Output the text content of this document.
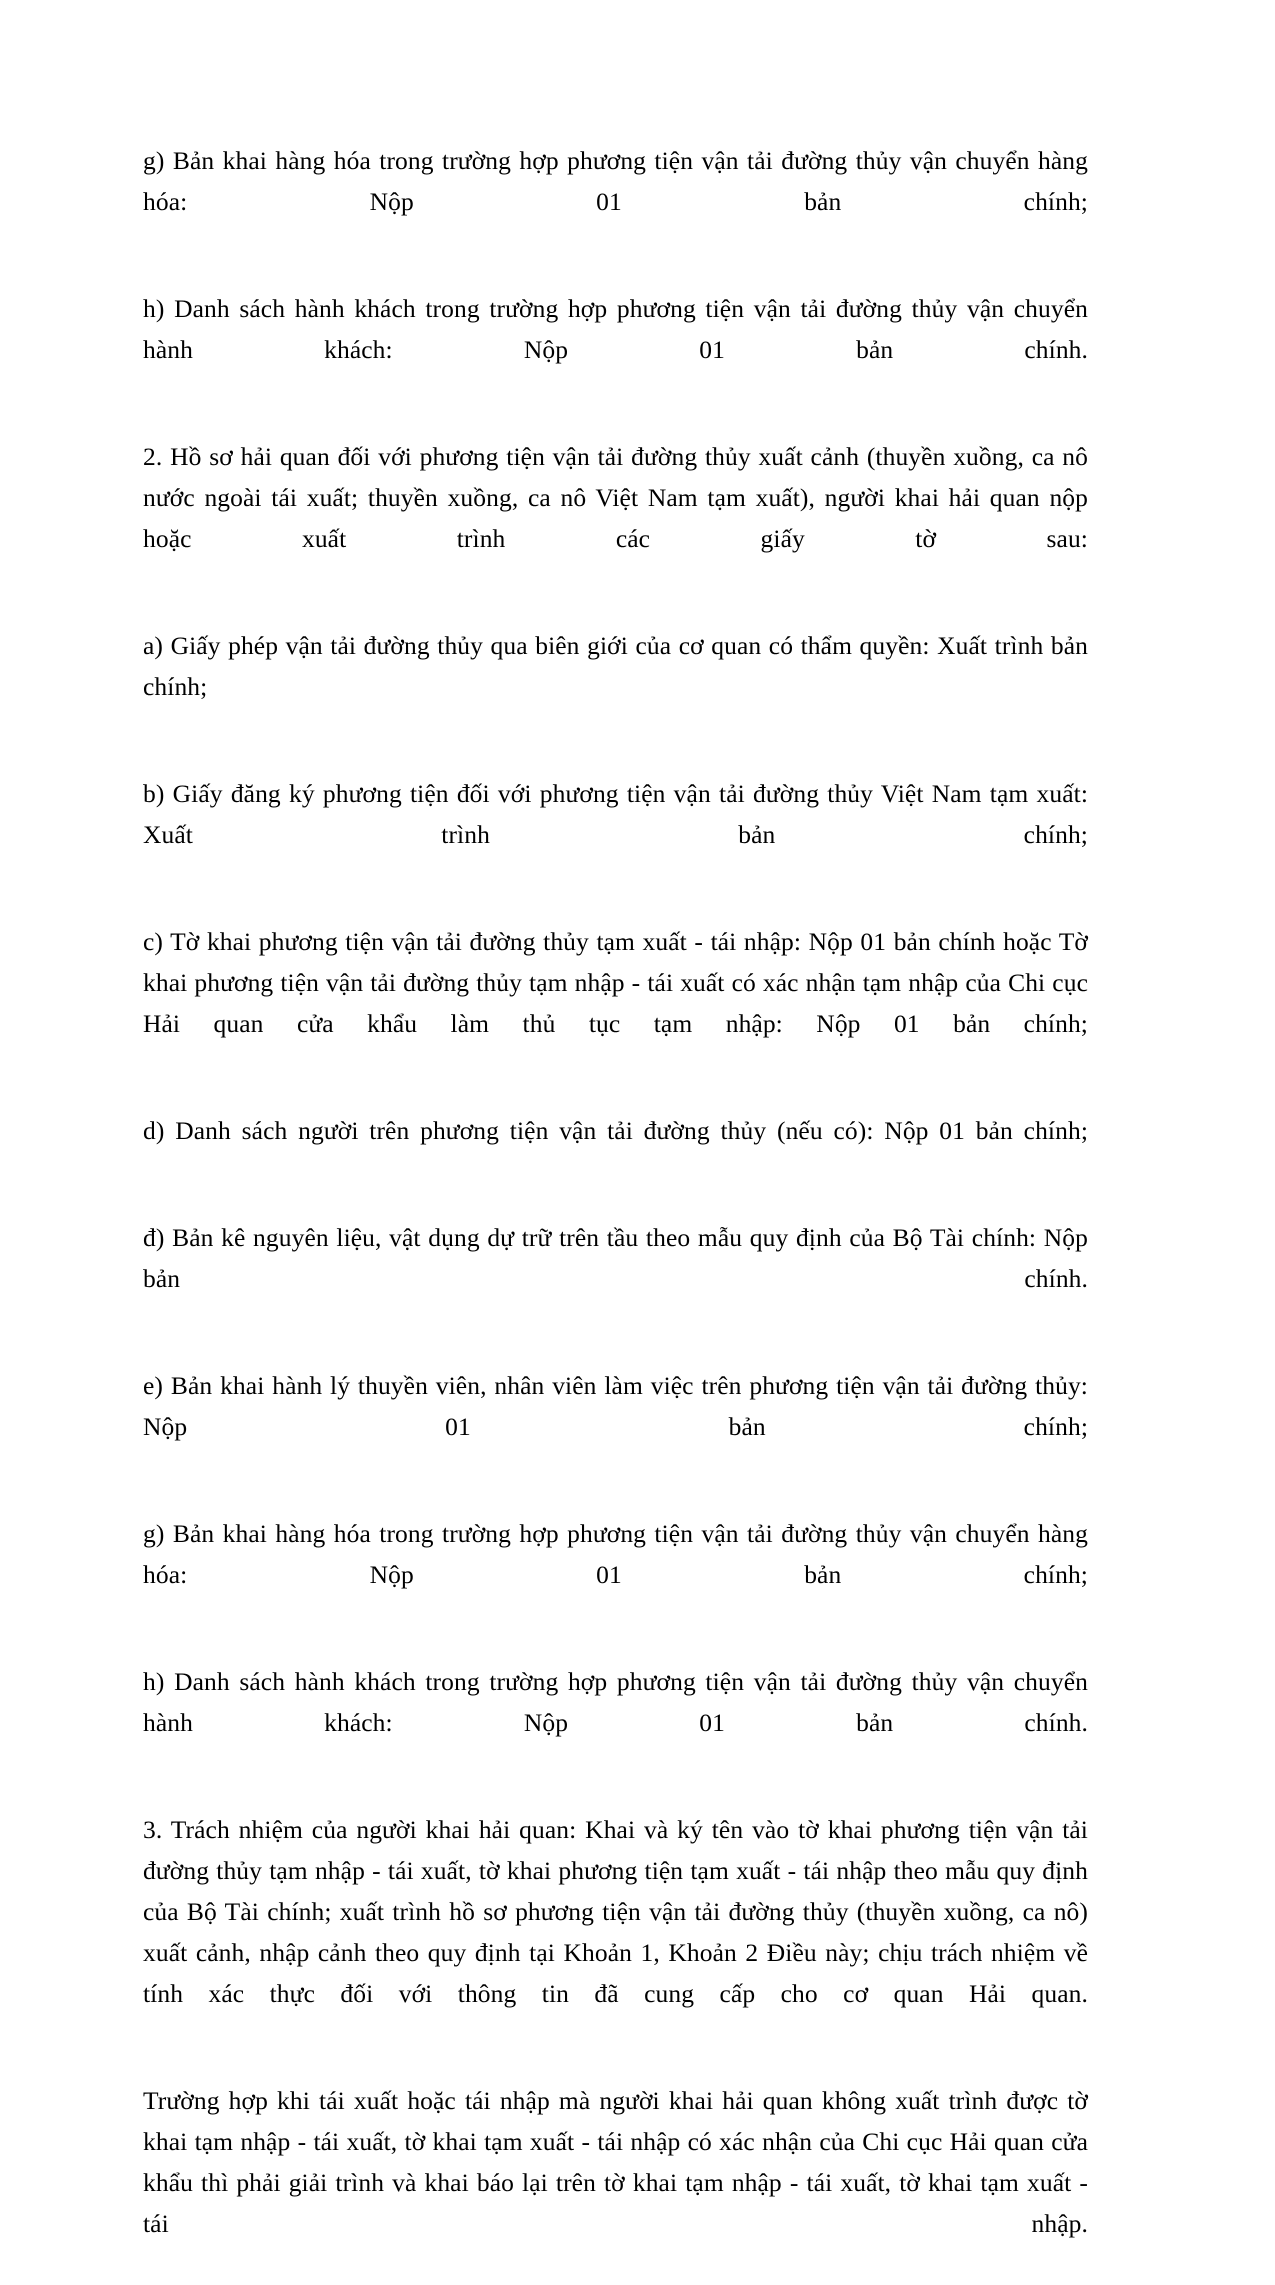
g) Bản khai hàng hóa trong trường hợp phương tiện vận tải đường thủy vận chuyển hàng hóa: Nộp 01 bản chính;

h) Danh sách hành khách trong trường hợp phương tiện vận tải đường thủy vận chuyển hành khách: Nộp 01 bản chính.

2. Hồ sơ hải quan đối với phương tiện vận tải đường thủy xuất cảnh (thuyền xuồng, ca nô nước ngoài tái xuất; thuyền xuồng, ca nô Việt Nam tạm xuất), người khai hải quan nộp hoặc xuất trình các giấy tờ sau:

a) Giấy phép vận tải đường thủy qua biên giới của cơ quan có thẩm quyền: Xuất trình bản chính;

b) Giấy đăng ký phương tiện đối với phương tiện vận tải đường thủy Việt Nam tạm xuất: Xuất trình bản chính;

c) Tờ khai phương tiện vận tải đường thủy tạm xuất - tái nhập: Nộp 01 bản chính hoặc Tờ khai phương tiện vận tải đường thủy tạm nhập - tái xuất có xác nhận tạm nhập của Chi cục Hải quan cửa khẩu làm thủ tục tạm nhập: Nộp 01 bản chính;

d) Danh sách người trên phương tiện vận tải đường thủy (nếu có): Nộp 01 bản chính;

đ) Bản kê nguyên liệu, vật dụng dự trữ trên tầu theo mẫu quy định của Bộ Tài chính: Nộp bản chính.

e) Bản khai hành lý thuyền viên, nhân viên làm việc trên phương tiện vận tải đường thủy: Nộp 01 bản chính;

g) Bản khai hàng hóa trong trường hợp phương tiện vận tải đường thủy vận chuyển hàng hóa: Nộp 01 bản chính;

h) Danh sách hành khách trong trường hợp phương tiện vận tải đường thủy vận chuyển hành khách: Nộp 01 bản chính.

3. Trách nhiệm của người khai hải quan: Khai và ký tên vào tờ khai phương tiện vận tải đường thủy tạm nhập - tái xuất, tờ khai phương tiện tạm xuất - tái nhập theo mẫu quy định của Bộ Tài chính; xuất trình hồ sơ phương tiện vận tải đường thủy (thuyền xuồng, ca nô) xuất cảnh, nhập cảnh theo quy định tại Khoản 1, Khoản 2 Điều này; chịu trách nhiệm về tính xác thực đối với thông tin đã cung cấp cho cơ quan Hải quan.

Trường hợp khi tái xuất hoặc tái nhập mà người khai hải quan không xuất trình được tờ khai tạm nhập - tái xuất, tờ khai tạm xuất - tái nhập có xác nhận của Chi cục Hải quan cửa khẩu thì phải giải trình và khai báo lại trên tờ khai tạm nhập - tái xuất, tờ khai tạm xuất - tái nhập.
